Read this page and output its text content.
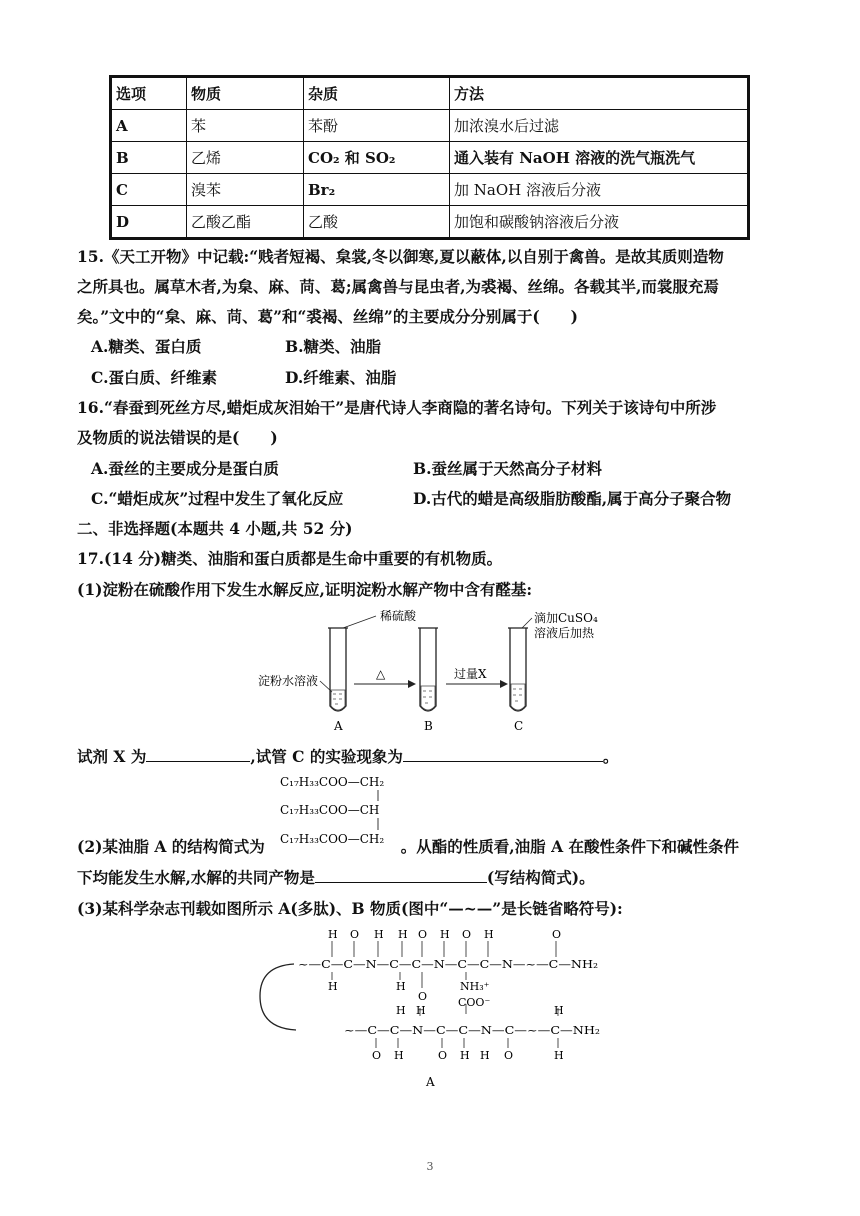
选项	物质	杂质	方法
A	苯	苯酚	加浓溴水后过滤
B	乙烯	CO₂ 和 SO₂	通入装有 NaOH 溶液的洗气瓶洗气
C	溴苯	Br₂	加 NaOH 溶液后分液
D	乙酸乙酯	乙酸	加饱和碳酸钠溶液后分液
15.《天工开物》中记载:“贱者短褐、枲裳,冬以御寒,夏以蔽体,以自别于禽兽。是故其质则造物
之所具也。属草木者,为枲、麻、苘、葛;属禽兽与昆虫者,为裘褐、丝绵。各载其半,而裳服充焉
矣。”文中的“枲、麻、苘、葛”和“裘褐、丝绵”的主要成分分别属于(　　)
A.糖类、蛋白质	B.糖类、油脂
C.蛋白质、纤维素	D.纤维素、油脂
16.“春蚕到死丝方尽,蜡炬成灰泪始干”是唐代诗人李商隐的著名诗句。下列关于该诗句中所涉
及物质的说法错误的是(　　)
A.蚕丝的主要成分是蛋白质	B.蚕丝属于天然高分子材料
C.“蜡炬成灰”过程中发生了氧化反应	D.古代的蜡是高级脂肪酸酯,属于高分子聚合物
二、非选择题(本题共 4 小题,共 52 分)
17.(14 分)糖类、油脂和蛋白质都是生命中重要的有机物质。
(1)淀粉在硫酸作用下发生水解反应,证明淀粉水解产物中含有醛基:
稀硫酸
淀粉水溶液
A
△
B
过量X
滴加CuSO₄
溶液后加热
C
试剂 X 为	,试管 C 的实验现象为	。
C₁₇H₃₃COO—CH₂
C₁₇H₃₃COO—CH
C₁₇H₃₃COO—CH₂
(2)某油脂 A 的结构简式为	。从酯的性质看,油脂 A 在酸性条件下和碱性条件
下均能发生水解,水解的共同产物是	(写结构简式)。
(3)某科学杂志刊载如图所示 A(多肽)、B 物质(图中“—~—”是长链省略符号):
~—C—C—N—C—C—N—C—C—N—~—C—NH₂
H O H H O H O H	O
H	H
O
NH₃⁺
H
H
COO⁻
H
~—C—C—N—C—C—N—C—~—C—NH₂
O H	O H H O	H
A
3
